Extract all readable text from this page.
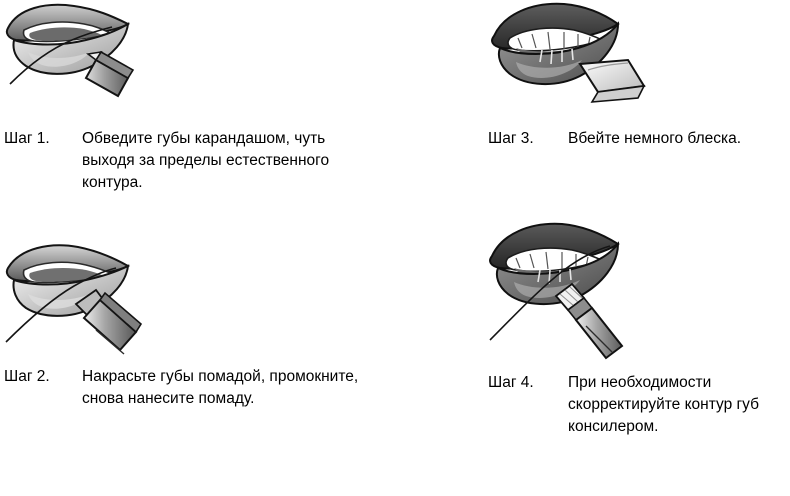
Шаг 1.	Обведите губы карандашом, чуть выходя за пределы естественного контура.
Шаг 2.	Накрасьте губы помадой, промокните, снова нанесите помаду.
Шаг 3.	Вбейте немного блеска.
Шаг 4.	При необходимости скорректируйте контур губ консилером.
